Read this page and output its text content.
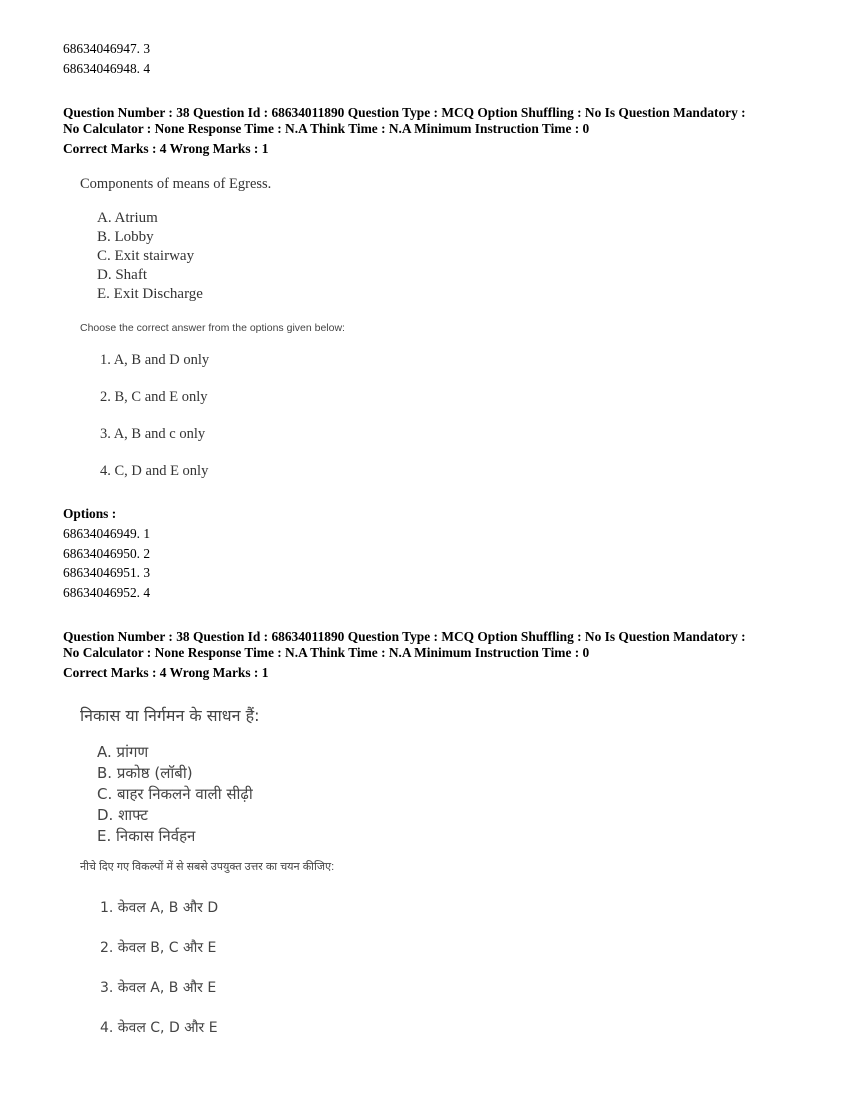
68634046947. 3
68634046948. 4
Question Number : 38 Question Id : 68634011890 Question Type : MCQ Option Shuffling : No Is Question Mandatory :
No Calculator : None Response Time : N.A Think Time : N.A Minimum Instruction Time : 0
Correct Marks : 4 Wrong Marks : 1
Components of means of Egress.
A. Atrium
B. Lobby
C. Exit stairway
D. Shaft
E. Exit Discharge
Choose the correct answer from the options given below:
1. A, B and D only
2. B, C and E only
3. A, B and c only
4. C, D and E only
Options :
68634046949. 1
68634046950. 2
68634046951. 3
68634046952. 4
Question Number : 38 Question Id : 68634011890 Question Type : MCQ Option Shuffling : No Is Question Mandatory :
No Calculator : None Response Time : N.A Think Time : N.A Minimum Instruction Time : 0
Correct Marks : 4 Wrong Marks : 1
निकास या निर्गमन के साधन हैं:
A. प्रांगण
B. प्रकोष्ठ (लॉबी)
C. बाहर निकलने वाली सीढ़ी
D. शाफ्ट
E. निकास निर्वहन
नीचे दिए गए विकल्पों में से सबसे उपयुक्त उत्तर का चयन कीजिए:
1. केवल A, B और D
2. केवल B, C और E
3. केवल A, B और E
4. केवल C, D और E
